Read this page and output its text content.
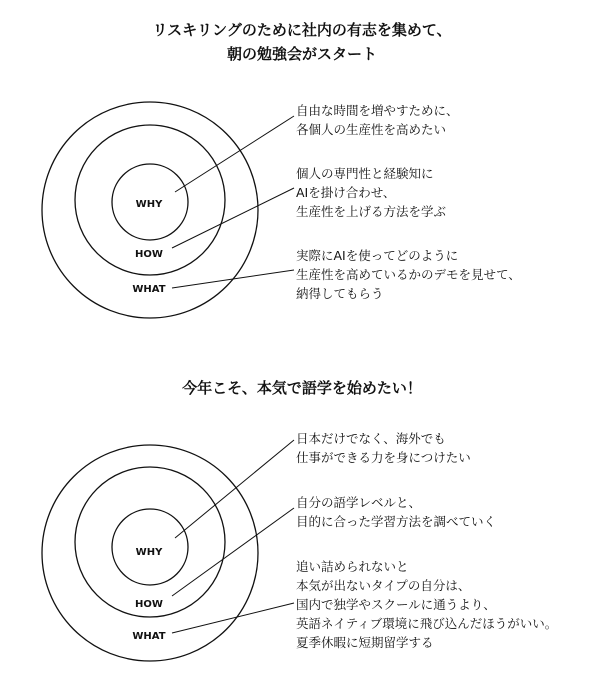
リスキリングのために社内の有志を集めて、
朝の勉強会がスタート
WHY
HOW
WHAT

自由な時間を増やすために、
各個人の生産性を高めたい

個人の専門性と経験知に
AIを掛け合わせ、
生産性を上げる方法を学ぶ

実際にAIを使ってどのように
生産性を高めているかのデモを見せて、
納得してもらう

今年こそ、本気で語学を始めたい！
WHY
HOW
WHAT

日本だけでなく、海外でも
仕事ができる力を身につけたい

自分の語学レベルと、
目的に合った学習方法を調べていく

追い詰められないと
本気が出ないタイプの自分は、
国内で独学やスクールに通うより、
英語ネイティブ環境に飛び込んだほうがいい。
夏季休暇に短期留学する
